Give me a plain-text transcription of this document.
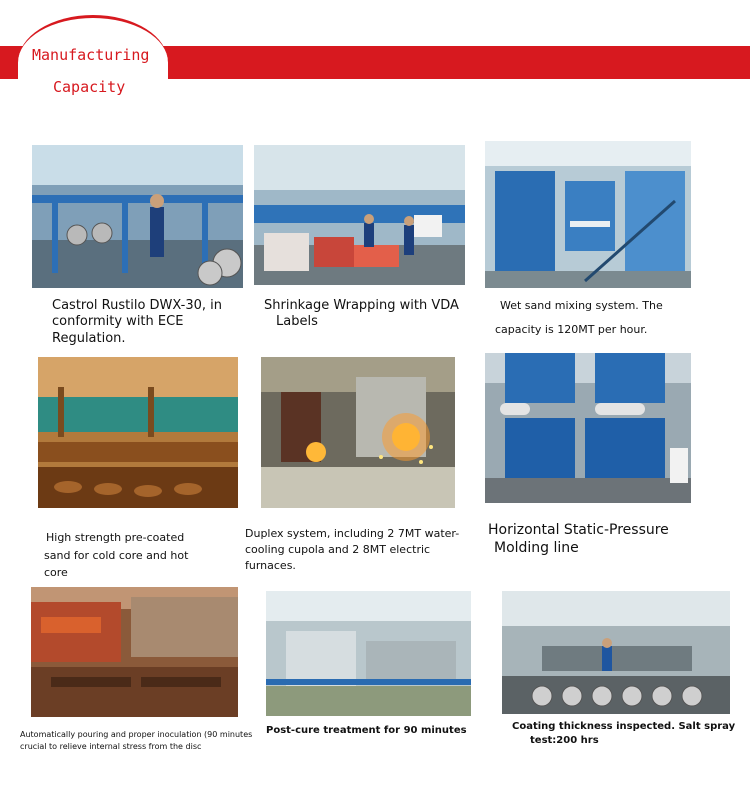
Manufacturing
Capacity
Castrol Rustilo DWX-30, in
conformity with ECE
Regulation.
Shrinkage Wrapping with VDA
Labels
Wet sand mixing system. The
capacity is 120MT per hour.
High strength pre-coated
sand for cold core and hot
core
Duplex system, including 2 7MT water-
cooling cupola and 2 8MT electric
furnaces.
Horizontal Static-Pressure
Molding line
Automatically pouring and proper inoculation (90 minutes
crucial to relieve internal stress from the disc
Post-cure treatment for 90 minutes	Coating thickness inspected. Salt spray
test:200 hrs
